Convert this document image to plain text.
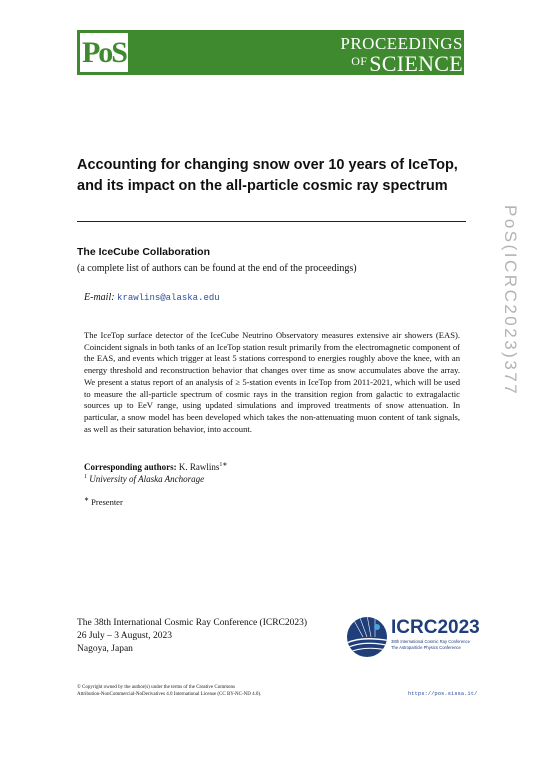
PoS	PROCEEDINGS
$^{OF}$SCIENCE
Accounting for changing snow over 10 years of IceTop,
and its impact on the all-particle cosmic ray spectrum
The IceCube Collaboration
(a complete list of authors can be found at the end of the proceedings)
E-mail: krawlins@alaska.edu
The IceTop surface detector of the IceCube Neutrino Observatory measures extensive air showers (EAS). Coincident signals in both tanks of an IceTop station result primarily from the electromagnetic component of the EAS, and events which trigger at least 5 stations correspond to energies roughly above the knee, with an energy threshold and reconstruction behavior that changes over time as snow accumulates above the array. We present a status report of an analysis of ≥ 5-station events in IceTop from 2011-2021, which will be used to measure the all-particle spectrum of cosmic rays in the transition region from galactic to extragalactic sources up to EeV range, using updated simulations and improved treatments of snow attenuation. In particular, a snow model has been developed which takes the non-attenuating muon content of tank signals, as well as their saturation behavior, into account.
Corresponding authors: K. Rawlins$^{1∗}$
$^1$ University of Alaska Anchorage
∗ Presenter
The 38th International Cosmic Ray Conference (ICRC2023)
26 July – 3 August, 2023
Nagoya, Japan
ICRC2023
38th International Cosmic Ray Conference
The Astroparticle Physics Conference
© Copyright owned by the author(s) under the terms of the Creative Commons
Attribution-NonCommercial-NoDerivatives 4.0 International License (CC BY-NC-ND 4.0).	https://pos.sissa.it/
PoS(ICRC2023)377
